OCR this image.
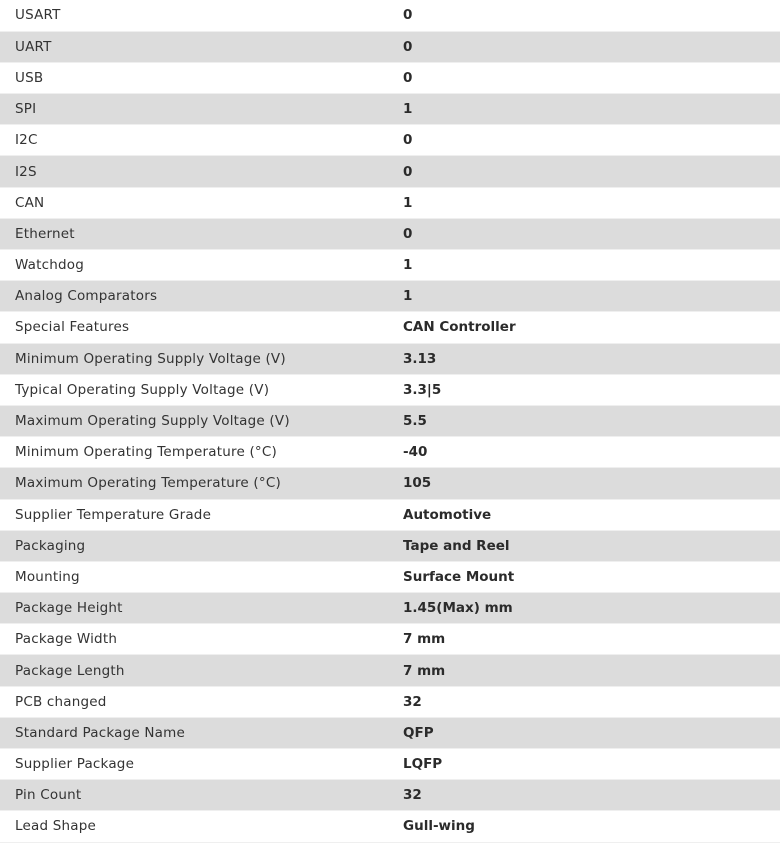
USART	0
UART	0
USB	0
SPI	1
I2C	0
I2S	0
CAN	1
Ethernet	0
Watchdog	1
Analog Comparators	1
Special Features	CAN Controller
Minimum Operating Supply Voltage (V)	3.13
Typical Operating Supply Voltage (V)	3.3|5
Maximum Operating Supply Voltage (V)	5.5
Minimum Operating Temperature (°C)	-40
Maximum Operating Temperature (°C)	105
Supplier Temperature Grade	Automotive
Packaging	Tape and Reel
Mounting	Surface Mount
Package Height	1.45(Max) mm
Package Width	7 mm
Package Length	7 mm
PCB changed	32
Standard Package Name	QFP
Supplier Package	LQFP
Pin Count	32
Lead Shape	Gull-wing
